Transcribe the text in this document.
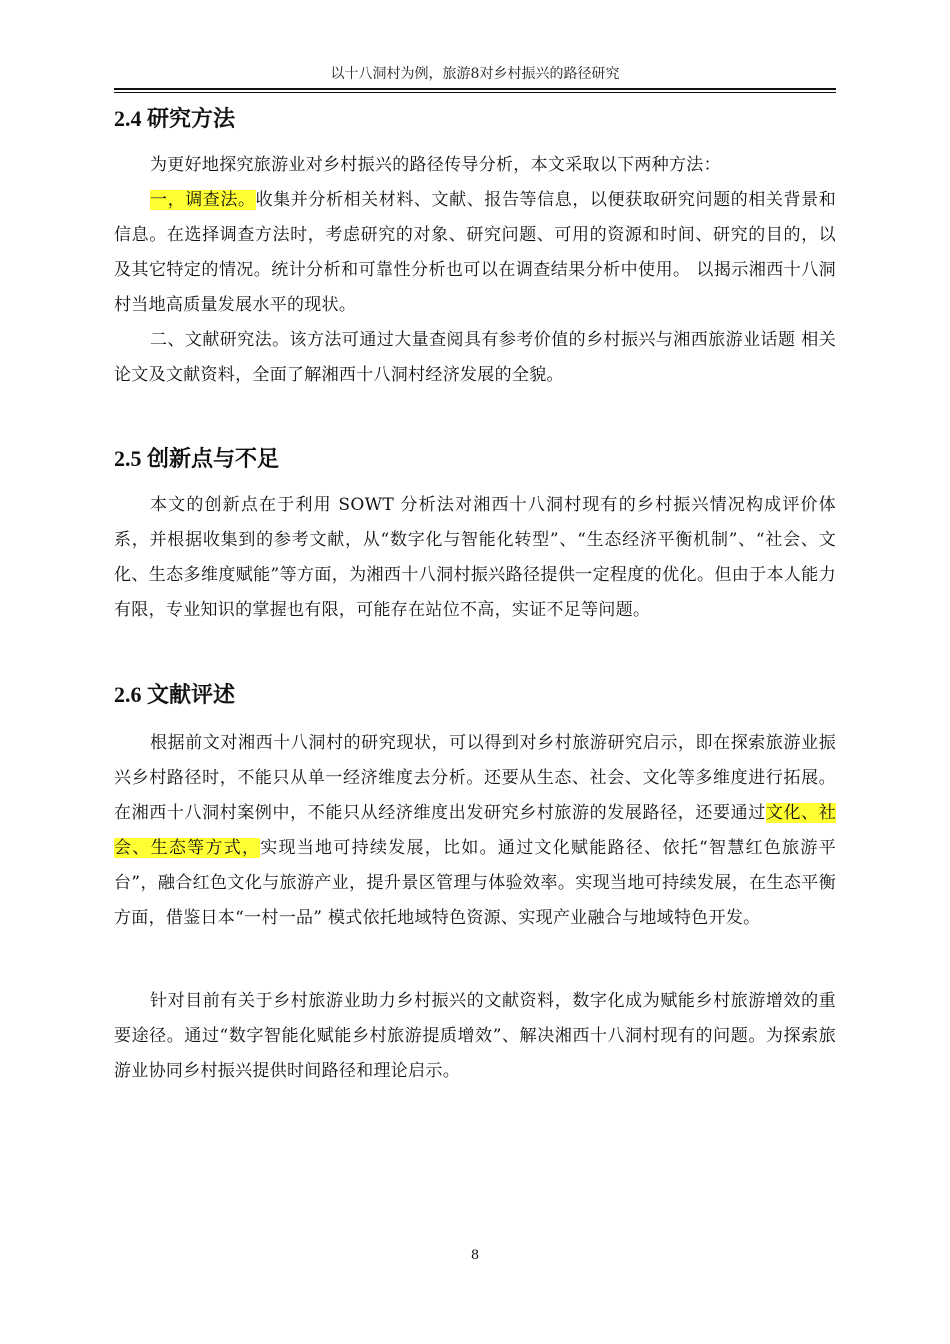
以十八洞村为例，旅游8对乡村振兴的路径研究
2.4 研究方法

为更好地探究旅游业对乡村振兴的路径传导分析，本文采取以下两种方法：

一，调查法。收集并分析相关材料、文献、报告等信息，以便获取研究问题的相关背景和信息。在选择调查方法时，考虑研究的对象、研究问题、可用的资源和时间、研究的目的，以及其它特定的情况。统计分析和可靠性分析也可以在调查结果分析中使用。 以揭示湘西十八洞村当地高质量发展水平的现状。

二、文献研究法。该方法可通过大量查阅具有参考价值的乡村振兴与湘西旅游业话题 相关论文及文献资料，全面了解湘西十八洞村经济发展的全貌。

2.5 创新点与不足

本文的创新点在于利用 SOWT 分析法对湘西十八洞村现有的乡村振兴情况构成评价体系，并根据收集到的参考文献，从“数字化与智能化转型”、“生态经济平衡机制”、“社会、文化、生态多维度赋能”等方面，为湘西十八洞村振兴路径提供一定程度的优化。但由于本人能力有限，专业知识的掌握也有限，可能存在站位不高，实证不足等问题。

2.6 文献评述

根据前文对湘西十八洞村的研究现状，可以得到对乡村旅游研究启示，即在探索旅游业振兴乡村路径时，不能只从单一经济维度去分析。还要从生态、社会、文化等多维度进行拓展。在湘西十八洞村案例中，不能只从经济维度出发研究乡村旅游的发展路径，还要通过文化、社会、生态等方式，实现当地可持续发展，比如。通过文化赋能路径、依托“智慧红色旅游平台”，融合红色文化与旅游产业，提升景区管理与体验效率。实现当地可持续发展，在生态平衡方面，借鉴日本“一村一品” 模式依托地域特色资源、实现产业融合与地域特色开发。

针对目前有关于乡村旅游业助力乡村振兴的文献资料，数字化成为赋能乡村旅游增效的重要途径。通过“数字智能化赋能乡村旅游提质增效”、解决湘西十八洞村现有的问题。为探索旅游业协同乡村振兴提供时间路径和理论启示。

8
